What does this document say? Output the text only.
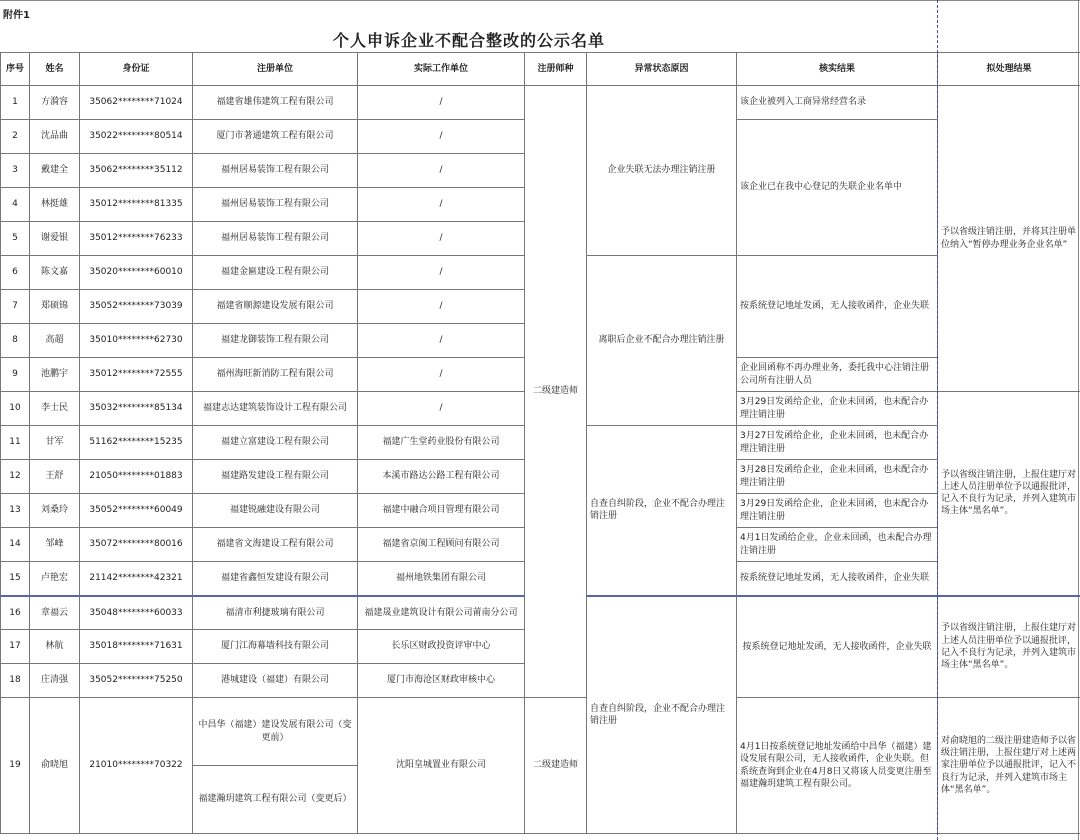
附件1
个人申诉企业不配合整改的公示名单
序号	姓名	身份证	注册单位	实际工作单位	注册师种	异常状态原因	核实结果	拟处理结果
1	方漪容	35062********71024	福建省雄伟建筑工程有限公司	/	二级建造师	企业失联无法办理注销注册	该企业被列入工商异常经营名录	予以省级注销注册，并将其注册单位纳入“暂停办理业务企业名单”
2	沈品曲	35022********80514	厦门市著通建筑工程有限公司	/			该企业已在我中心登记的失联企业名单中	
3	戴建全	35062********35112	福州居易装饰工程有限公司	/				
4	林挺雄	35012********81335	福州居易装饰工程有限公司	/				
5	谢爱银	35012********76233	福州居易装饰工程有限公司	/				
6	陈文嘉	35020********60010	福建金匾建设工程有限公司	/		离职后企业不配合办理注销注册	按系统登记地址发函，无人接收函件，企业失联	
7	郑硕锦	35052********73039	福建省顺源建设发展有限公司	/				
8	高超	35010********62730	福建龙御装饰工程有限公司	/				
9	池鹏宇	35012********72555	福州海旺新消防工程有限公司	/			企业回函称不再办理业务，委托我中心注销注册公司所有注册人员	
10	李士民	35032********85134	福建志达建筑装饰设计工程有限公司	/			3月29日发函给企业，企业未回函，也未配合办理注销注册	予以省级注销注册，上报住建厅对上述人员注册单位予以通报批评，记入不良行为记录，并列入建筑市场主体“黑名单”。
11	甘军	51162********15235	福建立富建设工程有限公司	福建广生堂药业股份有限公司		自查自纠阶段，企业不配合办理注销注册	3月27日发函给企业，企业未回函，也未配合办理注销注册	
12	王舒	21050********01883	福建路发建设工程有限公司	本溪市路达公路工程有限公司			3月28日发函给企业，企业未回函，也未配合办理注销注册	
13	刘桑玲	35052********60049	福建锐融建设有限公司	福建中融合项目管理有限公司			3月29日发函给企业，企业未回函，也未配合办理注销注册	
14	邹峰	35072********80016	福建省文海建设工程有限公司	福建省京闽工程顾问有限公司			4月1日发函给企业，企业未回函，也未配合办理注销注册	
15	卢艳宏	21142********42321	福建省鑫恒发建设有限公司	福州地铁集团有限公司			按系统登记地址发函，无人接收函件，企业失联	
16	章福云	35048********60033	福清市利捷玻璃有限公司	福建晟业建筑设计有限公司莆南分公司		自查自纠阶段，企业不配合办理注销注册	按系统登记地址发函，无人接收函件，企业失联	予以省级注销注册，上报住建厅对上述人员注册单位予以通报批评，记入不良行为记录，并列入建筑市场主体“黑名单”。
17	林航	35018********71631	厦门江海幕墙科技有限公司	长乐区财政投资评审中心				
18	庄清强	35052********75250	港城建设（福建）有限公司	厦门市海沧区财政审核中心				
19	俞晓旭	21010********70322	中昌华（福建）建设发展有限公司（变更前）	沈阳皇城置业有限公司	二级建造师		4月1日按系统登记地址发函给中昌华（福建）建设发展有限公司，无人接收函件，企业失联。但系统查询到企业在4月8日又将该人员变更注册至福建瀚玥建筑工程有限公司。	对俞晓旭的二级注册建造师予以省级注销注册，上报住建厅对上述两家注册单位予以通报批评，记入不良行为记录，并列入建筑市场主体“黑名单”。
			福建瀚玥建筑工程有限公司（变更后）					
